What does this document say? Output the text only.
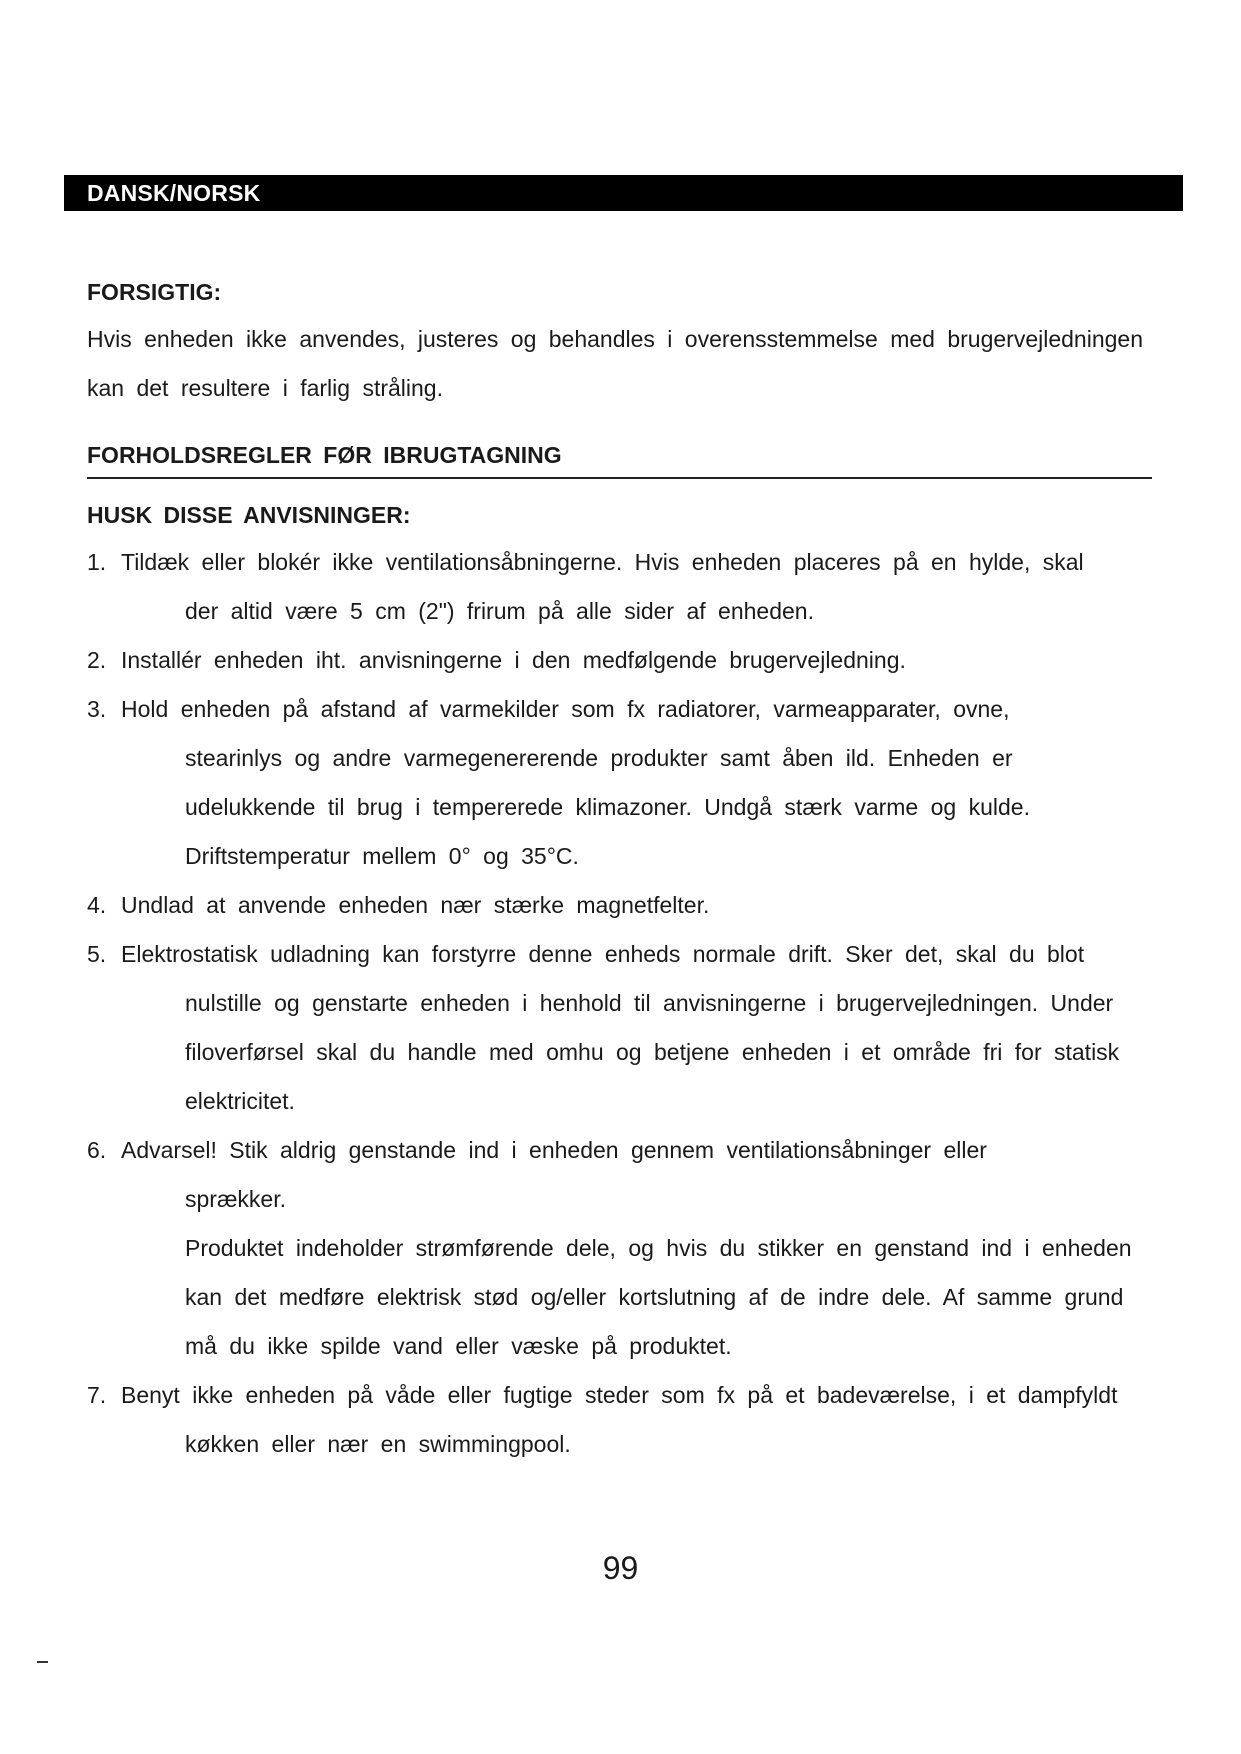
DANSK/NORSK
FORSIGTIG:
Hvis enheden ikke anvendes, justeres og behandles i overensstemmelse med brugervejledningen
kan det resultere i farlig stråling.
FORHOLDSREGLER FØR IBRUGTAGNING
HUSK DISSE ANVISNINGER:
1. Tildæk eller blokér ikke ventilationsåbningerne. Hvis enheden placeres på en hylde, skal
der altid være 5 cm (2") frirum på alle sider af enheden.
2. Installér enheden iht. anvisningerne i den medfølgende brugervejledning.
3. Hold enheden på afstand af varmekilder som fx radiatorer, varmeapparater, ovne,
stearinlys og andre varmegenererende produkter samt åben ild. Enheden er
udelukkende til brug i tempererede klimazoner. Undgå stærk varme og kulde.
Driftstemperatur mellem 0° og 35°C.
4. Undlad at anvende enheden nær stærke magnetfelter.
5. Elektrostatisk udladning kan forstyrre denne enheds normale drift. Sker det, skal du blot
nulstille og genstarte enheden i henhold til anvisningerne i brugervejledningen. Under
filoverførsel skal du handle med omhu og betjene enheden i et område fri for statisk
elektricitet.
6. Advarsel! Stik aldrig genstande ind i enheden gennem ventilationsåbninger eller
sprækker.
Produktet indeholder strømførende dele, og hvis du stikker en genstand ind i enheden
kan det medføre elektrisk stød og/eller kortslutning af de indre dele. Af samme grund
må du ikke spilde vand eller væske på produktet.
7. Benyt ikke enheden på våde eller fugtige steder som fx på et badeværelse, i et dampfyldt
køkken eller nær en swimmingpool.
99
